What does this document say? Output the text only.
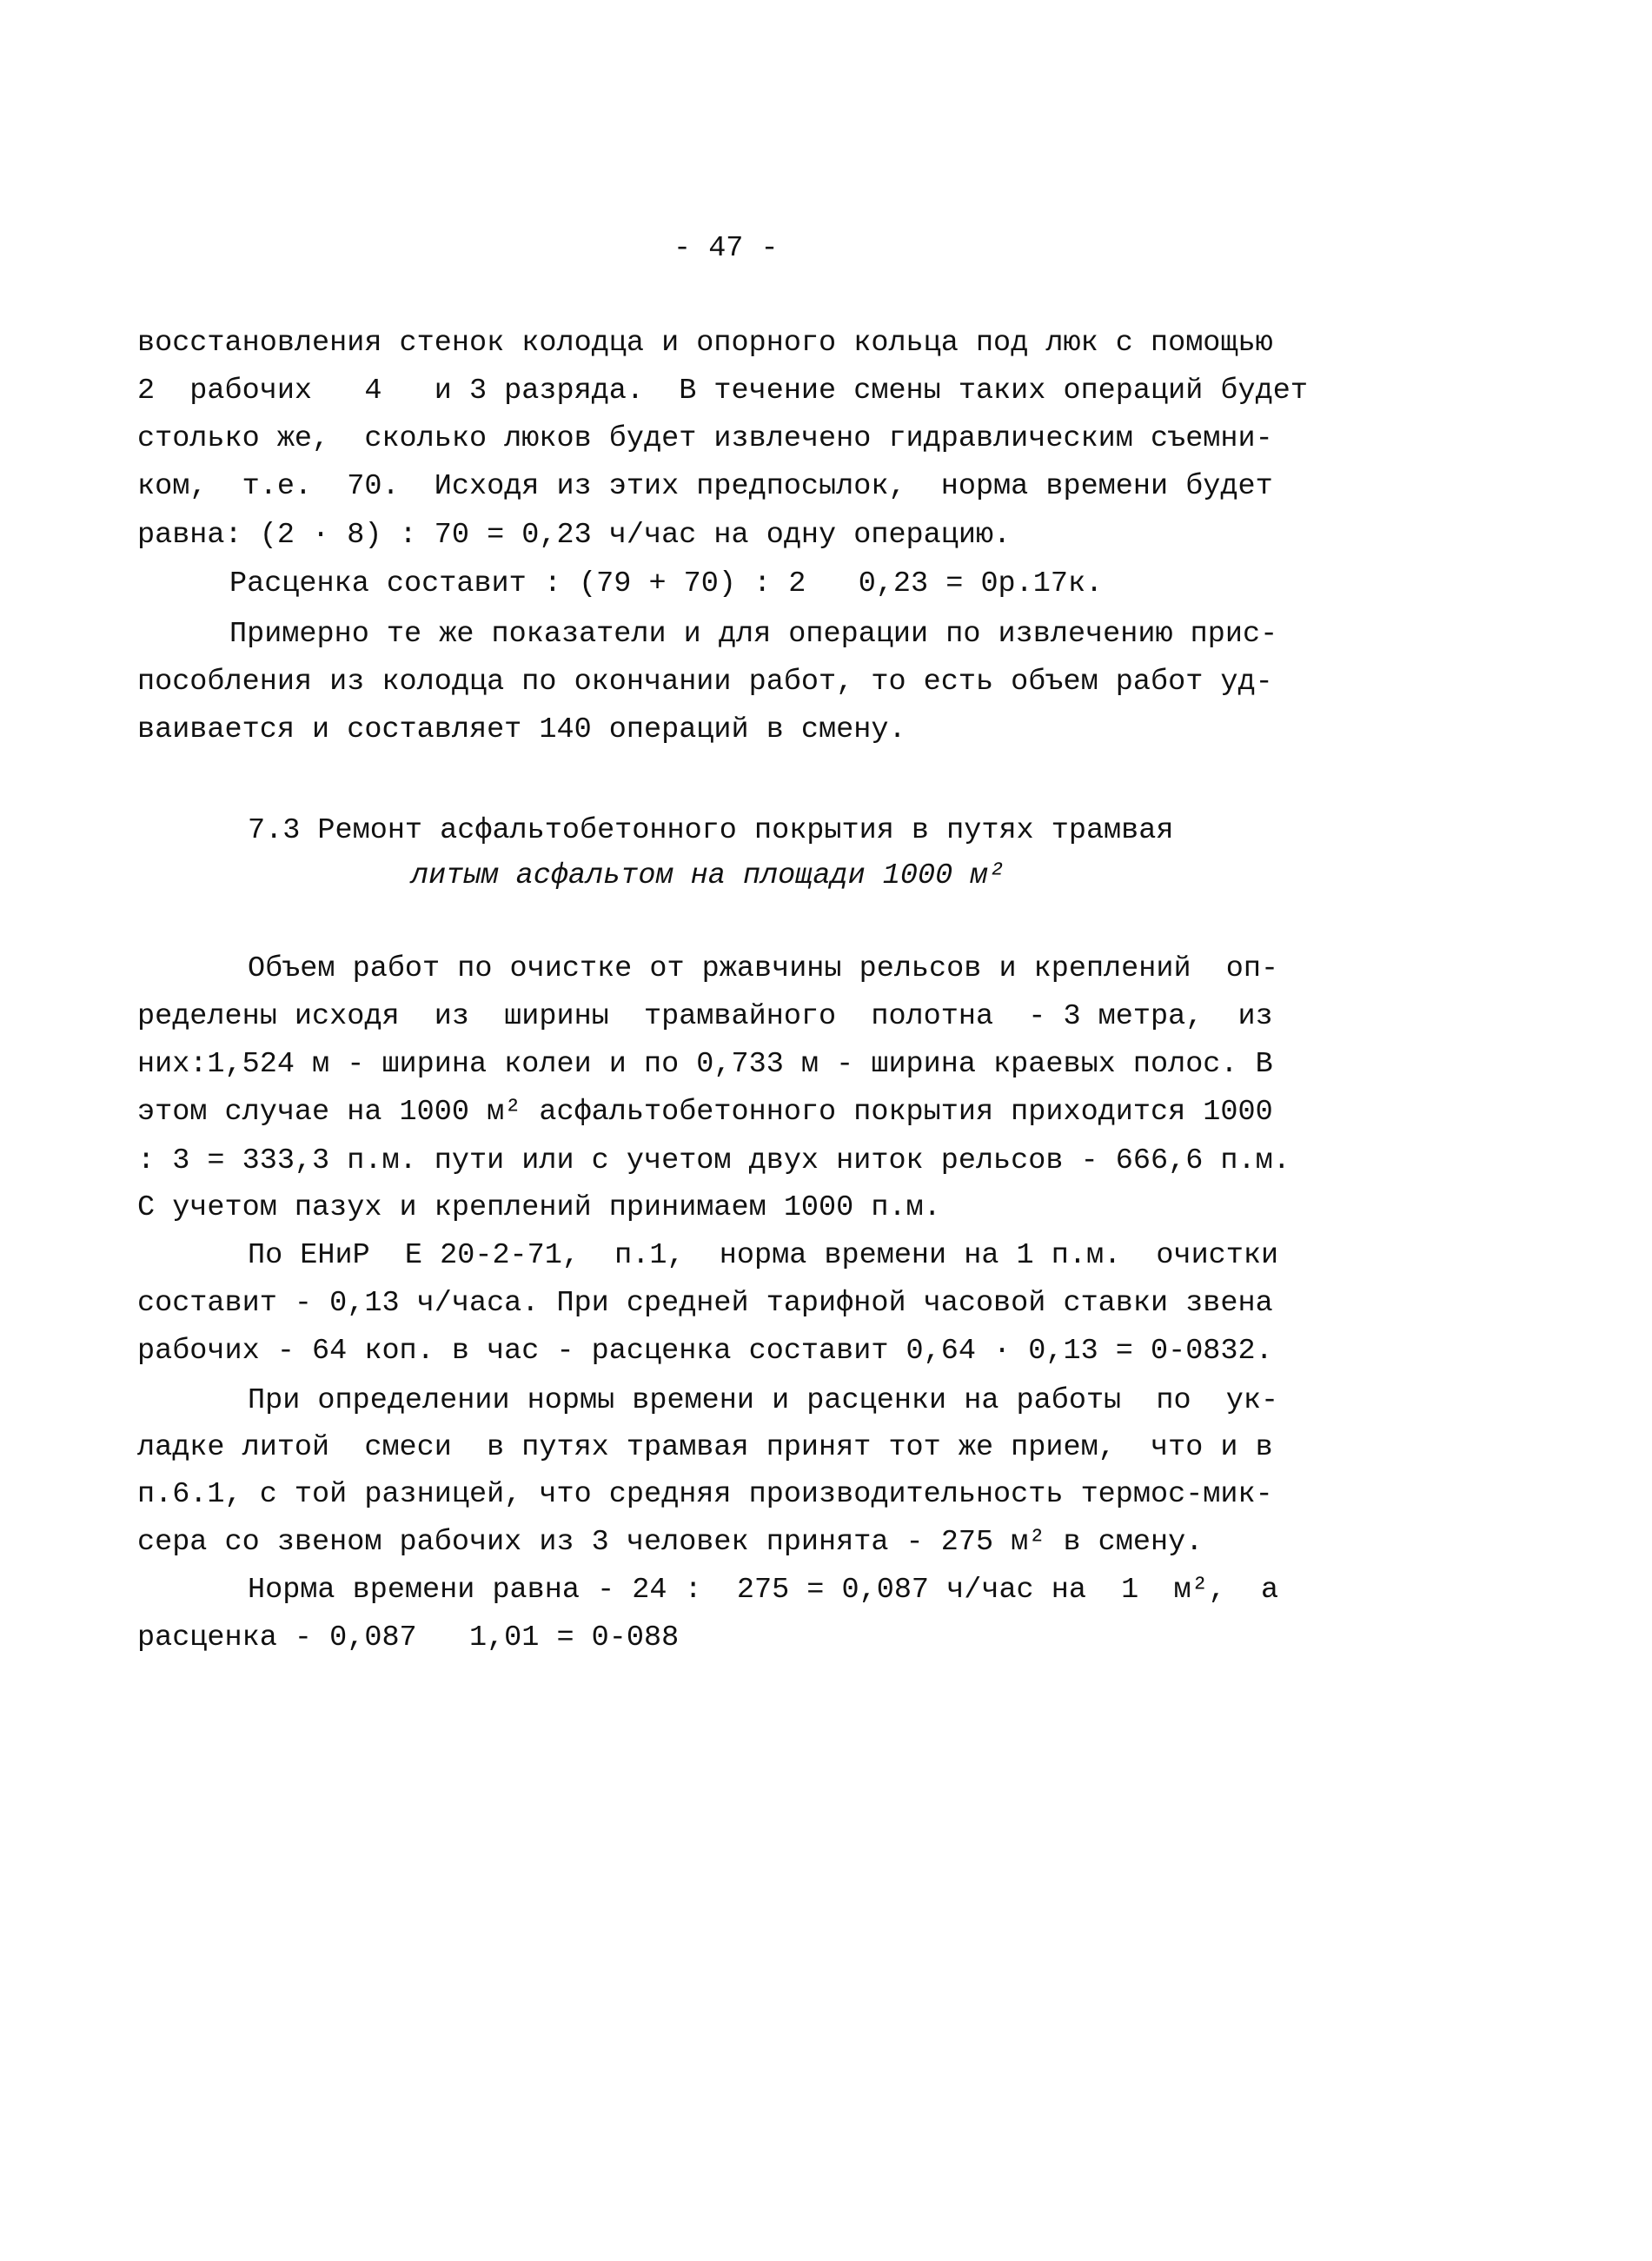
- 47 -
восстановления стенок колодца и опорного кольца под люк с помощью
2  рабочих   4   и 3 разряда.  В течение смены таких операций будет
столько же,  сколько люков будет извлечено гидравлическим съемни-
ком,  т.е.  70.  Исходя из этих предпосылок,  норма времени будет
равна: (2 · 8) : 70 = 0,23 ч/час на одну операцию.
Расценка составит : (79 + 70) : 2   0,23 = 0р.17к.
Примерно те же показатели и для операции по извлечению прис-
пособления из колодца по окончании работ, то есть объем работ уд-
ваивается и составляет 140 операций в смену.
7.3 Ремонт асфальтобетонного покрытия в путях трамвая
литым асфальтом на площади 1000 м²
Объем работ по очистке от ржавчины рельсов и креплений  оп-
ределены исходя  из  ширины  трамвайного  полотна  - 3 метра,  из
них:1,524 м - ширина колеи и по 0,733 м - ширина краевых полос. В
этом случае на 1000 м² асфальтобетонного покрытия приходится 1000
: 3 = 333,3 п.м. пути или с учетом двух ниток рельсов - 666,6 п.м.
С учетом пазух и креплений принимаем 1000 п.м.
По ЕНиР  Е 20-2-71,  п.1,  норма времени на 1 п.м.  очистки
составит - 0,13 ч/часа. При средней тарифной часовой ставки звена
рабочих - 64 коп. в час - расценка составит 0,64 · 0,13 = 0-0832.
При определении нормы времени и расценки на работы  по  ук-
ладке литой  смеси  в путях трамвая принят тот же прием,  что и в
п.6.1, с той разницей, что средняя производительность термос-мик-
сера со звеном рабочих из 3 человек принята - 275 м² в смену.
Норма времени равна - 24 :  275 = 0,087 ч/час на  1  м²,  а
расценка - 0,087   1,01 = 0-088
